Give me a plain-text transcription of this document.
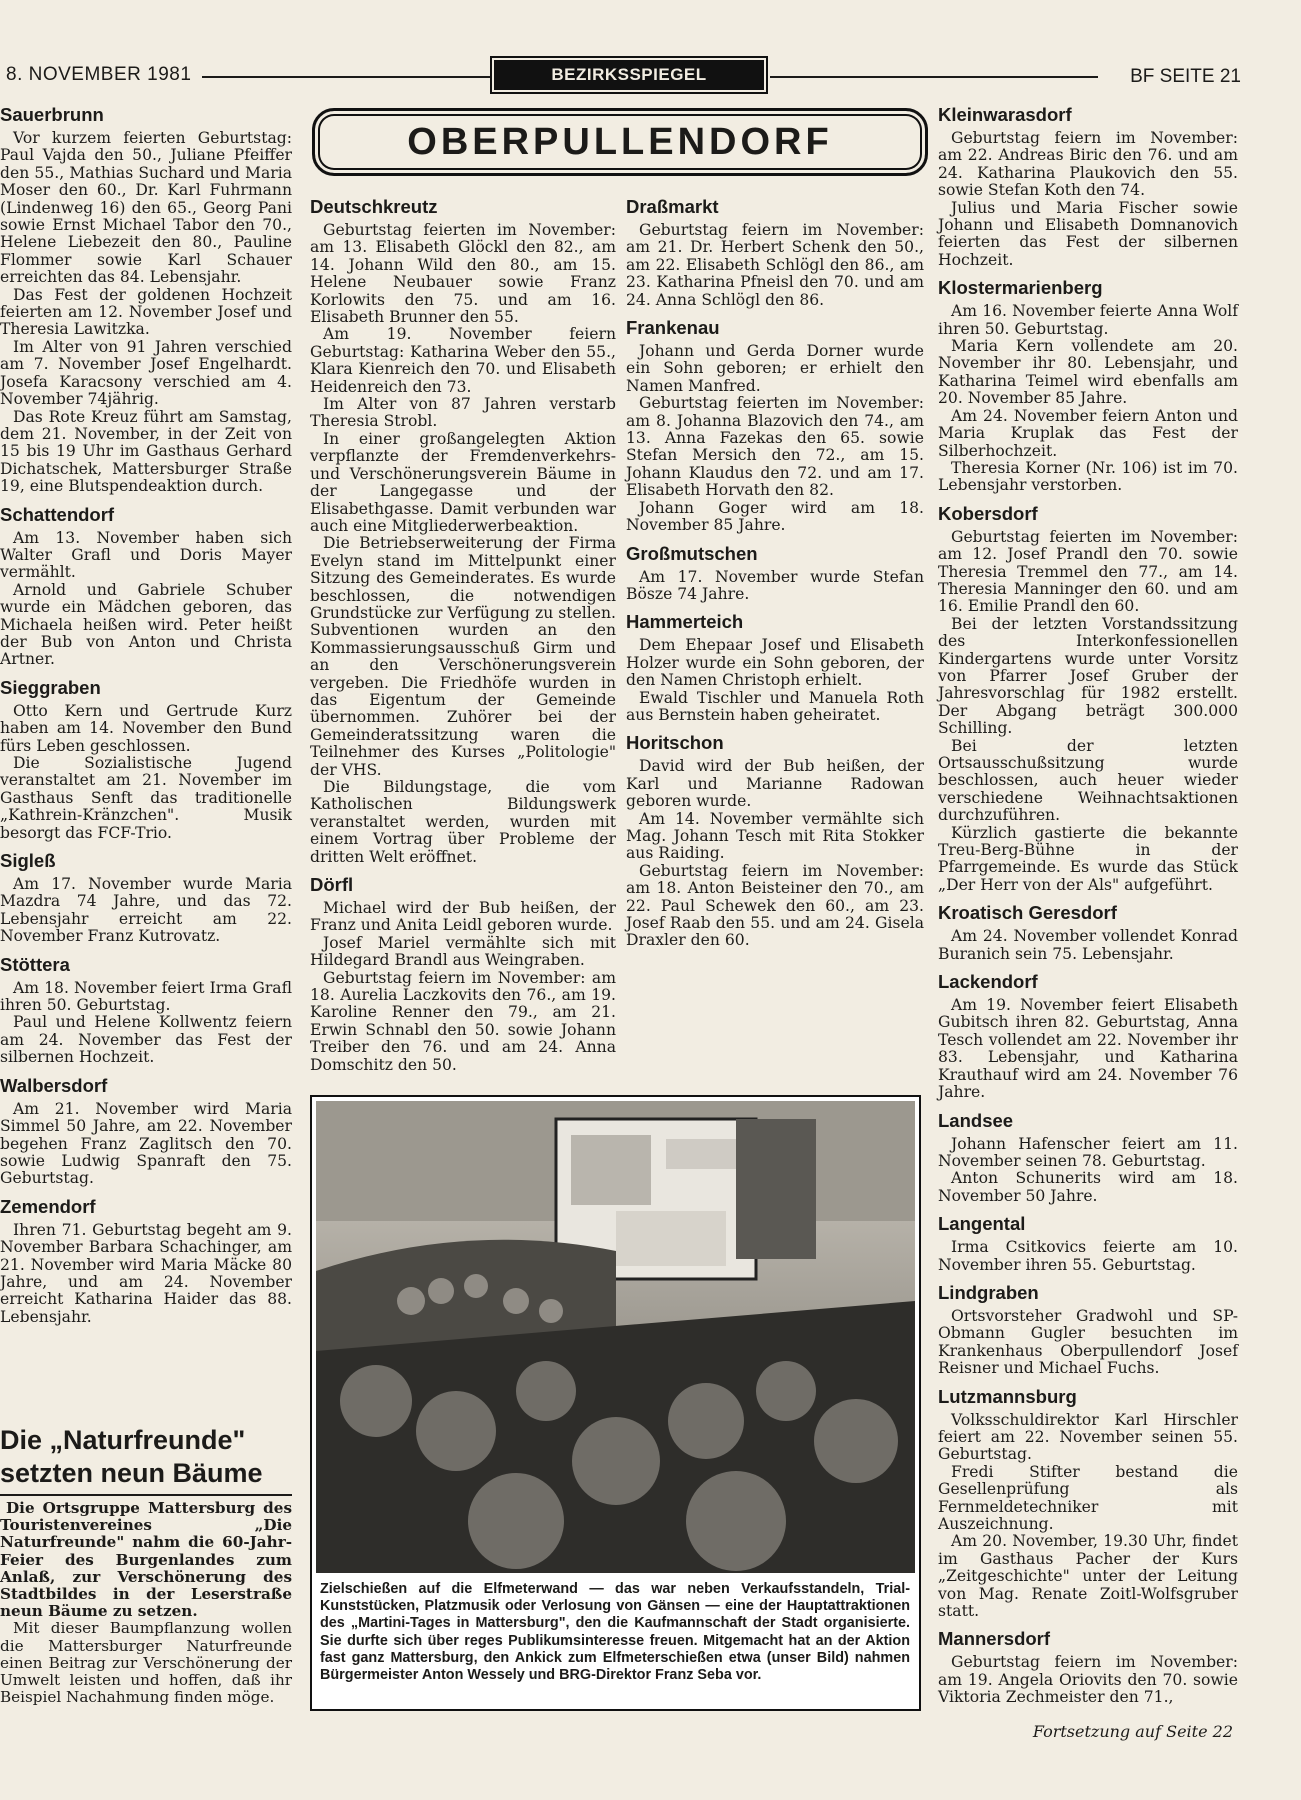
8. NOVEMBER 1981	BEZIRKSSPIEGEL	BF SEITE 21
Sauerbrunn

Vor kurzem feierten Geburtstag: Paul Vajda den 50., Juliane Pfeiffer den 55., Mathias Suchard und Maria Moser den 60., Dr. Karl Fuhrmann (Lindenweg 16) den 65., Georg Pani sowie Ernst Michael Tabor den 70., Helene Liebezeit den 80., Pauline Flommer sowie Karl Schauer erreichten das 84. Lebensjahr.

Das Fest der goldenen Hochzeit feierten am 12. November Josef und Theresia Lawitzka.

Im Alter von 91 Jahren verschied am 7. November Josef Engelhardt. Josefa Karacsony verschied am 4. November 74jährig.

Das Rote Kreuz führt am Samstag, dem 21. November, in der Zeit von 15 bis 19 Uhr im Gasthaus Gerhard Dichatschek, Mattersburger Straße 19, eine Blutspendeaktion durch.

Schattendorf

Am 13. November haben sich Walter Grafl und Doris Mayer vermählt.

Arnold und Gabriele Schuber wurde ein Mädchen geboren, das Michaela heißen wird. Peter heißt der Bub von Anton und Christa Artner.

Sieggraben

Otto Kern und Gertrude Kurz haben am 14. November den Bund fürs Leben geschlossen.

Die Sozialistische Jugend veranstaltet am 21. November im Gasthaus Senft das traditionelle „Kathrein-Kränzchen". Musik besorgt das FCF-Trio.

Sigleß

Am 17. November wurde Maria Mazdra 74 Jahre, und das 72. Lebensjahr erreicht am 22. November Franz Kutrovatz.

Stöttera

Am 18. November feiert Irma Grafl ihren 50. Geburtstag.

Paul und Helene Kollwentz feiern am 24. November das Fest der silbernen Hochzeit.

Walbersdorf

Am 21. November wird Maria Simmel 50 Jahre, am 22. November begehen Franz Zaglitsch den 70. sowie Ludwig Spanraft den 75. Geburtstag.

Zemendorf

Ihren 71. Geburtstag begeht am 9. November Barbara Schachinger, am 21. November wird Maria Mäcke 80 Jahre, und am 24. November erreicht Katharina Haider das 88. Lebensjahr.

Die „Naturfreunde"
setzten neun Bäume

Die Ortsgruppe Mattersburg des Touristenvereines „Die Naturfreunde" nahm die 60-Jahr-Feier des Burgenlandes zum Anlaß, zur Verschönerung des Stadtbildes in der Leserstraße neun Bäume zu setzen.

Mit dieser Baumpflanzung wollen die Mattersburger Naturfreunde einen Beitrag zur Verschönerung der Umwelt leisten und hoffen, daß ihr Beispiel Nachahmung finden möge.

OBERPULLENDORF
Deutschkreutz

Geburtstag feierten im November: am 13. Elisabeth Glöckl den 82., am 14. Johann Wild den 80., am 15. Helene Neubauer sowie Franz Korlowits den 75. und am 16. Elisabeth Brunner den 55.

Am 19. November feiern Geburtstag: Katharina Weber den 55., Klara Kienreich den 70. und Elisabeth Heidenreich den 73.

Im Alter von 87 Jahren verstarb Theresia Strobl.

In einer großangelegten Aktion verpflanzte der Fremdenverkehrs- und Verschönerungsverein Bäume in der Langegasse und der Elisabethgasse. Damit verbunden war auch eine Mitgliederwerbeaktion.

Die Betriebserweiterung der Firma Evelyn stand im Mittelpunkt einer Sitzung des Gemeinderates. Es wurde beschlossen, die notwendigen Grundstücke zur Verfügung zu stellen. Subventionen wurden an den Kommassierungsausschuß Girm und an den Verschönerungsverein vergeben. Die Friedhöfe wurden in das Eigentum der Gemeinde übernommen. Zuhörer bei der Gemeinderatssitzung waren die Teilnehmer des Kurses „Politologie" der VHS.

Die Bildungstage, die vom Katholischen Bildungswerk veranstaltet werden, wurden mit einem Vortrag über Probleme der dritten Welt eröffnet.

Dörfl

Michael wird der Bub heißen, der Franz und Anita Leidl geboren wurde.

Josef Mariel vermählte sich mit Hildegard Brandl aus Weingraben.

Geburtstag feiern im November: am 18. Aurelia Laczkovits den 76., am 19. Karoline Renner den 79., am 21. Erwin Schnabl den 50. sowie Johann Treiber den 76. und am 24. Anna Domschitz den 50.

Draßmarkt

Geburtstag feiern im November: am 21. Dr. Herbert Schenk den 50., am 22. Elisabeth Schlögl den 86., am 23. Katharina Pfneisl den 70. und am 24. Anna Schlögl den 86.

Frankenau

Johann und Gerda Dorner wurde ein Sohn geboren; er erhielt den Namen Manfred.

Geburtstag feierten im November: am 8. Johanna Blazovich den 74., am 13. Anna Fazekas den 65. sowie Stefan Mersich den 72., am 15. Johann Klaudus den 72. und am 17. Elisabeth Horvath den 82.

Johann Goger wird am 18. November 85 Jahre.

Großmutschen

Am 17. November wurde Stefan Bösze 74 Jahre.

Hammerteich

Dem Ehepaar Josef und Elisabeth Holzer wurde ein Sohn geboren, der den Namen Christoph erhielt.

Ewald Tischler und Manuela Roth aus Bernstein haben geheiratet.

Horitschon

David wird der Bub heißen, der Karl und Marianne Radowan geboren wurde.

Am 14. November vermählte sich Mag. Johann Tesch mit Rita Stokker aus Raiding.

Geburtstag feiern im November: am 18. Anton Beisteiner den 70., am 22. Paul Schewek den 60., am 23. Josef Raab den 55. und am 24. Gisela Draxler den 60.

Zielschießen auf die Elfmeterwand — das war neben Verkaufsstandeln, Trial-Kunststücken, Platzmusik oder Verlosung von Gänsen — eine der Hauptattraktionen des „Martini-Tages in Mattersburg", den die Kaufmannschaft der Stadt organisierte. Sie durfte sich über reges Publikumsinteresse freuen. Mitgemacht hat an der Aktion fast ganz Mattersburg, den Ankick zum Elfmeterschießen etwa (unser Bild) nahmen Bürgermeister Anton Wessely und BRG-Direktor Franz Seba vor.
Kleinwarasdorf

Geburtstag feiern im November: am 22. Andreas Biric den 76. und am 24. Katharina Plaukovich den 55. sowie Stefan Koth den 74.

Julius und Maria Fischer sowie Johann und Elisabeth Domnanovich feierten das Fest der silbernen Hochzeit.

Klostermarienberg

Am 16. November feierte Anna Wolf ihren 50. Geburtstag.

Maria Kern vollendete am 20. November ihr 80. Lebensjahr, und Katharina Teimel wird ebenfalls am 20. November 85 Jahre.

Am 24. November feiern Anton und Maria Kruplak das Fest der Silberhochzeit.

Theresia Korner (Nr. 106) ist im 70. Lebensjahr verstorben.

Kobersdorf

Geburtstag feierten im November: am 12. Josef Prandl den 70. sowie Theresia Tremmel den 77., am 14. Theresia Manninger den 60. und am 16. Emilie Prandl den 60.

Bei der letzten Vorstandssitzung des Interkonfessionellen Kindergartens wurde unter Vorsitz von Pfarrer Josef Gruber der Jahresvorschlag für 1982 erstellt. Der Abgang beträgt 300.000 Schilling.

Bei der letzten Ortsausschußsitzung wurde beschlossen, auch heuer wieder verschiedene Weihnachtsaktionen durchzuführen.

Kürzlich gastierte die bekannte Treu-Berg-Bühne in der Pfarrgemeinde. Es wurde das Stück „Der Herr von der Als" aufgeführt.

Kroatisch Geresdorf

Am 24. November vollendet Konrad Buranich sein 75. Lebensjahr.

Lackendorf

Am 19. November feiert Elisabeth Gubitsch ihren 82. Geburtstag, Anna Tesch vollendet am 22. November ihr 83. Lebensjahr, und Katharina Krauthauf wird am 24. November 76 Jahre.

Landsee

Johann Hafenscher feiert am 11. November seinen 78. Geburtstag.

Anton Schunerits wird am 18. November 50 Jahre.

Langental

Irma Csitkovics feierte am 10. November ihren 55. Geburtstag.

Lindgraben

Ortsvorsteher Gradwohl und SP-Obmann Gugler besuchten im Krankenhaus Oberpullendorf Josef Reisner und Michael Fuchs.

Lutzmannsburg

Volksschuldirektor Karl Hirschler feiert am 22. November seinen 55. Geburtstag.

Fredi Stifter bestand die Gesellenprüfung als Fernmeldetechniker mit Auszeichnung.

Am 20. November, 19.30 Uhr, findet im Gasthaus Pacher der Kurs „Zeitgeschichte" unter der Leitung von Mag. Renate Zoitl-Wolfsgruber statt.

Mannersdorf

Geburtstag feiern im November: am 19. Angela Oriovits den 70. sowie Viktoria Zechmeister den 71.,

Fortsetzung auf Seite 22
